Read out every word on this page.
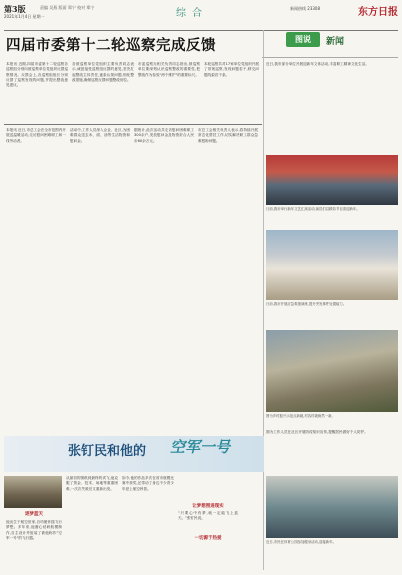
第3版
2021年1月4日 星期一
责编 吴燕 版面 郑宁 校对 郑宁
综合	新闻热线 23308	东方日报
四届市委第十二轮巡察完成反馈
本报讯 近期,四届市委第十二轮巡察各巡察组分别向被巡察单位党组织反馈巡察情况。反馈会上,各巡察组组长分别反馈了巡察发现的问题,并提出整改意见建议。
各被巡察单位党组织主要负责同志表示,诚恳接受巡察组反馈的意见,坚决扛起整改主体责任,逐条认领问题,细化整改措施,确保巡察反馈问题整改到位。
市委巡察办相关负责同志指出,被巡察单位要深刻认识巡察整改的重要性,把整改作为检验"两个维护"的重要标尺。
本轮巡察共对17家单位党组织开展了常规巡察,发现问题若干,移交问题线索若干条。
图说	新闻
近日,我市部分单位开展迎新年文体活动,丰富职工精神文化生活。
日前,我市举行新年文艺汇演活动,演员们以精彩节目喜迎新年。
日前,我市开展应急救援演练,提升突发事件处置能力。
图为乡村振兴示范点新貌,村容村貌焕然一新。
图为工作人员在社区开展防疫知识宣传,提醒居民做好个人防护。
近日,市民在体育公园参加健身活动,迎接新年。
本报讯 近日,市总工会在全市范围内开展送温暖活动,走访慰问困难职工和一线劳动者。
活动中,工作人员深入企业、社区,为困难群众送去米、面、油等生活物资和慰问金。
据统计,此次活动共走访慰问困难职工300余户,发放慰问金及物资折合人民币60余万元。
市总工会相关负责人表示,将持续开展常态化帮扶工作,切实解决职工群众急难愁盼问题。
张钉民和他的 空军一号
逐梦蓝天
他出生于航空世家,自幼便怀揣飞行梦想。多年来,他潜心钻研航模制作,自主设计并组装了被他称作"空军一号"的飞行器。
从最初的图纸到最终的试飞,他克服了资金、技术、场地等重重困难,一次次失败后又重新出发。
如今,他的作品多次在省市航模比赛中获奖,还带动了身边不少青少年爱上航空科普。
让梦想照进现实
"只要心中有梦,就一定能飞上蓝天。"张钉民说。
一切源于热爱
